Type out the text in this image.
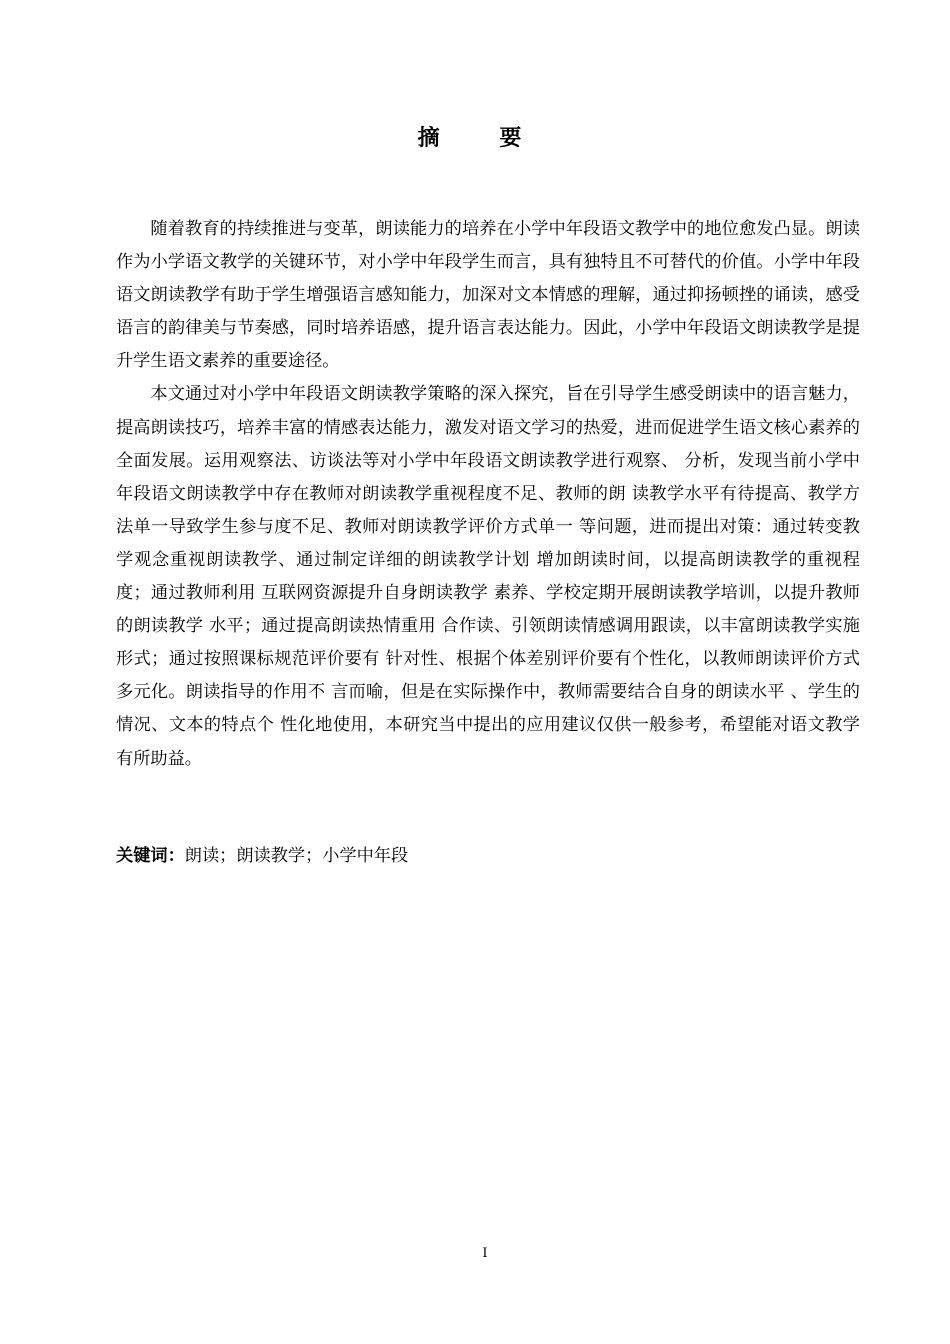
摘 要

随着教育的持续推进与变革，朗读能力的培养在小学中年段语文教学中的地位愈发凸显。朗读作为小学语文教学的关键环节，对小学中年段学生而言，具有独特且不可替代的价值。小学中年段语文朗读教学有助于学生增强语言感知能力，加深对文本情感的理解，通过抑扬顿挫的诵读，感受语言的韵律美与节奏感，同时培养语感，提升语言表达能力。因此，小学中年段语文朗读教学是提升学生语文素养的重要途径。

本文通过对小学中年段语文朗读教学策略的深入探究，旨在引导学生感受朗读中的语言魅力，提高朗读技巧，培养丰富的情感表达能力，激发对语文学习的热爱，进而促进学生语文核心素养的全面发展。运用观察法、访谈法等对小学中年段语文朗读教学进行观察、 分析，发现当前小学中年段语文朗读教学中存在教师对朗读教学重视程度不足、教师的朗 读教学水平有待提高、教学方法单一导致学生参与度不足、教师对朗读教学评价方式单一 等问题，进而提出对策：通过转变教学观念重视朗读教学、通过制定详细的朗读教学计划 增加朗读时间，以提高朗读教学的重视程度；通过教师利用 互联网资源提升自身朗读教学 素养、学校定期开展朗读教学培训，以提升教师的朗读教学 水平；通过提高朗读热情重用 合作读、引领朗读情感调用跟读，以丰富朗读教学实施形式；通过按照课标规范评价要有 针对性、根据个体差别评价要有个性化，以教师朗读评价方式多元化。朗读指导的作用不 言而喻，但是在实际操作中，教师需要结合自身的朗读水平 、学生的情况、文本的特点个 性化地使用，本研究当中提出的应用建议仅供一般参考，希望能对语文教学有所助益。

关键词：朗读；朗读教学；小学中年段
I
